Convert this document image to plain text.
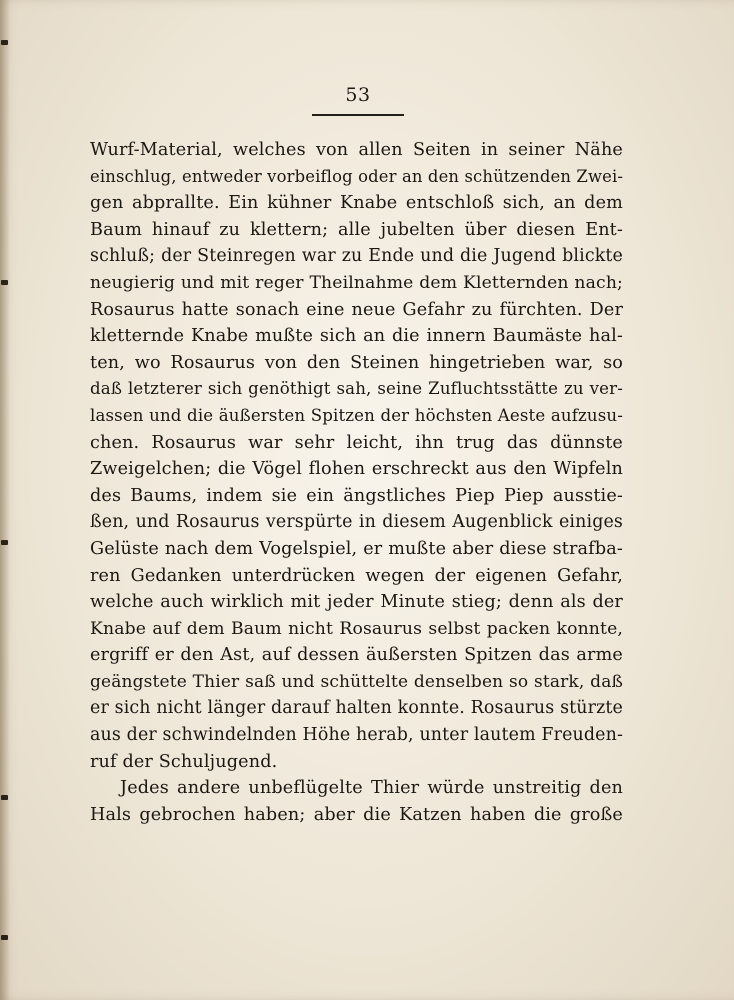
53
Wurf-Material, welches von allen Seiten in seiner Nähe
einschlug, entweder vorbeiflog oder an den schützenden Zwei-
gen abprallte. Ein kühner Knabe entschloß sich, an dem
Baum hinauf zu klettern; alle jubelten über diesen Ent-
schluß; der Steinregen war zu Ende und die Jugend blickte
neugierig und mit reger Theilnahme dem Kletternden nach;
Rosaurus hatte sonach eine neue Gefahr zu fürchten. Der
kletternde Knabe mußte sich an die innern Baumäste hal-
ten, wo Rosaurus von den Steinen hingetrieben war, so
daß letzterer sich genöthigt sah, seine Zufluchtsstätte zu ver-
lassen und die äußersten Spitzen der höchsten Aeste aufzusu-
chen. Rosaurus war sehr leicht, ihn trug das dünnste
Zweigelchen; die Vögel flohen erschreckt aus den Wipfeln
des Baums, indem sie ein ängstliches Piep Piep ausstie-
ßen, und Rosaurus verspürte in diesem Augenblick einiges
Gelüste nach dem Vogelspiel, er mußte aber diese strafba-
ren Gedanken unterdrücken wegen der eigenen Gefahr,
welche auch wirklich mit jeder Minute stieg; denn als der
Knabe auf dem Baum nicht Rosaurus selbst packen konnte,
ergriff er den Ast, auf dessen äußersten Spitzen das arme
geängstete Thier saß und schüttelte denselben so stark, daß
er sich nicht länger darauf halten konnte. Rosaurus stürzte
aus der schwindelnden Höhe herab, unter lautem Freuden-
ruf der Schuljugend.
Jedes andere unbeflügelte Thier würde unstreitig den
Hals gebrochen haben; aber die Katzen haben die große
